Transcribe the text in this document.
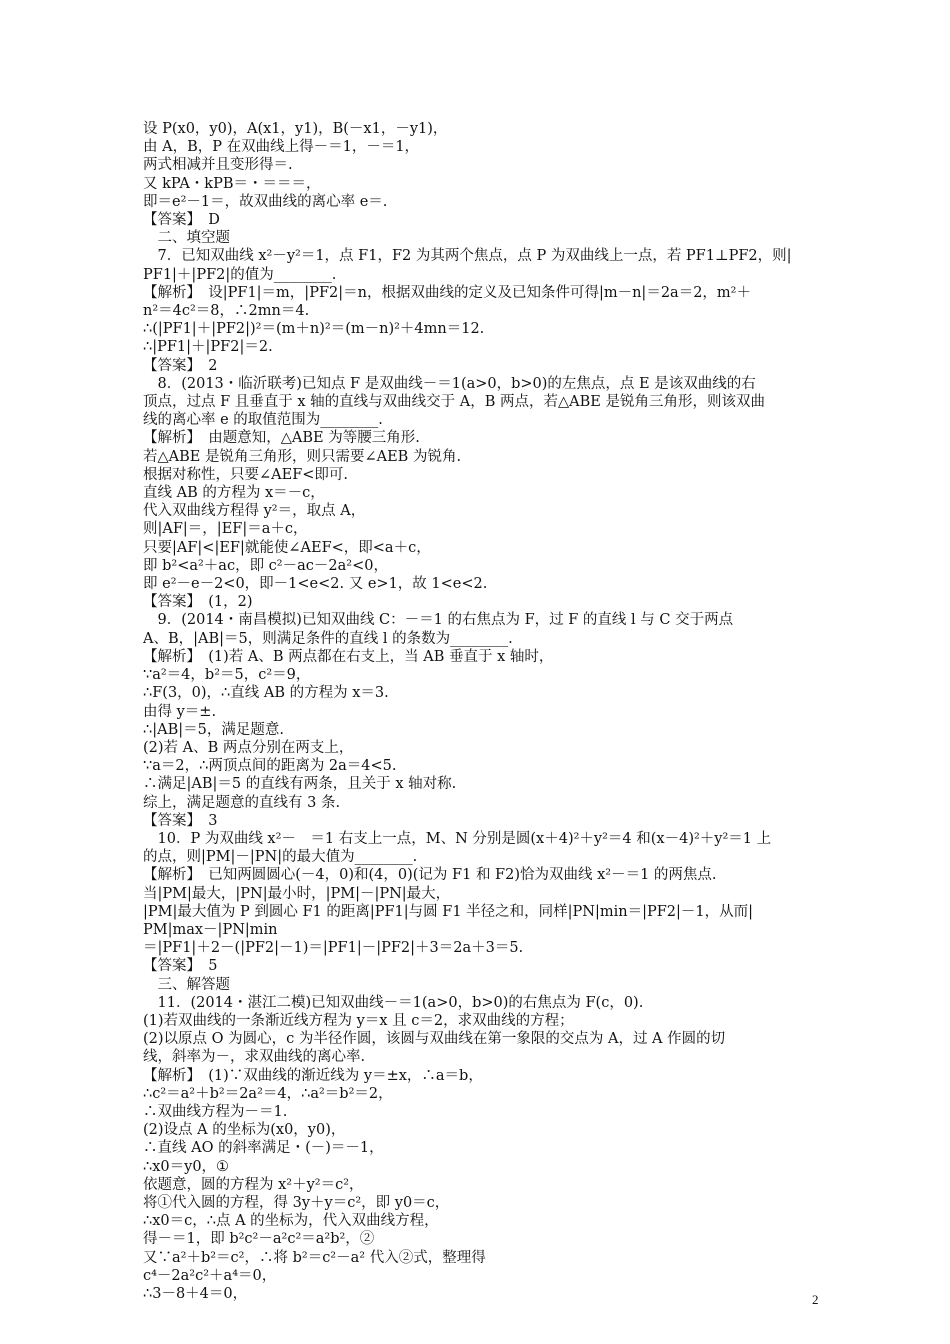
设 P(x0，y0)，A(x1，y1)，B(－x1，－y1)，
由 A，B，P 在双曲线上得－＝1，－＝1，
两式相减并且变形得＝.
又 kPA・kPB＝・＝＝＝，
即＝e²－1＝，故双曲线的离心率 e＝.
【答案】　D
　二、填空题
　7．已知双曲线 x²－y²＝1，点 F1，F2 为其两个焦点，点 P 为双曲线上一点，若 PF1⊥PF2，则|
PF1|＋|PF2|的值为________.
【解析】　设|PF1|＝m，|PF2|＝n，根据双曲线的定义及已知条件可得|m－n|＝2a＝2，m²＋
n²＝4c²＝8，∴2mn＝4.
∴(|PF1|＋|PF2|)²＝(m＋n)²＝(m－n)²＋4mn＝12.
∴|PF1|＋|PF2|＝2.
【答案】　2
　8．(2013・临沂联考)已知点 F 是双曲线－＝1(a>0，b>0)的左焦点，点 E 是该双曲线的右
顶点，过点 F 且垂直于 x 轴的直线与双曲线交于 A，B 两点，若△ABE 是锐角三角形，则该双曲
线的离心率 e 的取值范围为________.
【解析】　由题意知，△ABE 为等腰三角形.
若△ABE 是锐角三角形，则只需要∠AEB 为锐角.
根据对称性，只要∠AEF<即可.
直线 AB 的方程为 x＝－c，
代入双曲线方程得 y²＝，取点 A，
则|AF|＝，|EF|＝a＋c，
只要|AF|<|EF|就能使∠AEF<，即<a＋c，
即 b²<a²＋ac，即 c²－ac－2a²<0，
即 e²－e－2<0，即－1<e<2. 又 e>1，故 1<e<2.
【答案】　(1，2)
　9．(2014・南昌模拟)已知双曲线 C：－＝1 的右焦点为 F，过 F 的直线 l 与 C 交于两点
A、B，|AB|＝5，则满足条件的直线 l 的条数为________.
【解析】　(1)若 A、B 两点都在右支上，当 AB 垂直于 x 轴时，
∵a²＝4，b²＝5，c²＝9，
∴F(3，0)，∴直线 AB 的方程为 x＝3.
由得 y＝±.
∴|AB|＝5，满足题意.
(2)若 A、B 两点分别在两支上，
∵a＝2，∴两顶点间的距离为 2a＝4<5.
∴满足|AB|＝5 的直线有两条，且关于 x 轴对称.
综上，满足题意的直线有 3 条.
【答案】　3
　10．P 为双曲线 x²－　＝1 右支上一点，M、N 分别是圆(x＋4)²＋y²＝4 和(x－4)²＋y²＝1 上
的点，则|PM|－|PN|的最大值为________.
【解析】　已知两圆圆心(－4，0)和(4，0)(记为 F1 和 F2)恰为双曲线 x²－＝1 的两焦点.
当|PM|最大，|PN|最小时，|PM|－|PN|最大，
|PM|最大值为 P 到圆心 F1 的距离|PF1|与圆 F1 半径之和，同样|PN|min＝|PF2|－1，从而|
PM|max－|PN|min
＝|PF1|＋2－(|PF2|－1)＝|PF1|－|PF2|＋3＝2a＋3＝5.
【答案】　5
　三、解答题
　11．(2014・湛江二模)已知双曲线－＝1(a>0，b>0)的右焦点为 F(c，0).
(1)若双曲线的一条渐近线方程为 y＝x 且 c＝2，求双曲线的方程；
(2)以原点 O 为圆心，c 为半径作圆，该圆与双曲线在第一象限的交点为 A，过 A 作圆的切
线，斜率为－，求双曲线的离心率.
【解析】　(1)∵双曲线的渐近线为 y＝±x，∴a＝b，
∴c²＝a²＋b²＝2a²＝4，∴a²＝b²＝2，
∴双曲线方程为－＝1.
(2)设点 A 的坐标为(x0，y0)，
∴直线 AO 的斜率满足・(－)＝－1，
∴x0＝y0，①
依题意，圆的方程为 x²＋y²＝c²，
将①代入圆的方程，得 3y＋y＝c²，即 y0＝c，
∴x0＝c，∴点 A 的坐标为，代入双曲线方程，
得－＝1，即 b²c²－a²c²＝a²b²，②
又∵a²＋b²＝c²，∴将 b²＝c²－a² 代入②式，整理得
c⁴－2a²c²＋a⁴＝0，
∴3－8＋4＝0，	2
